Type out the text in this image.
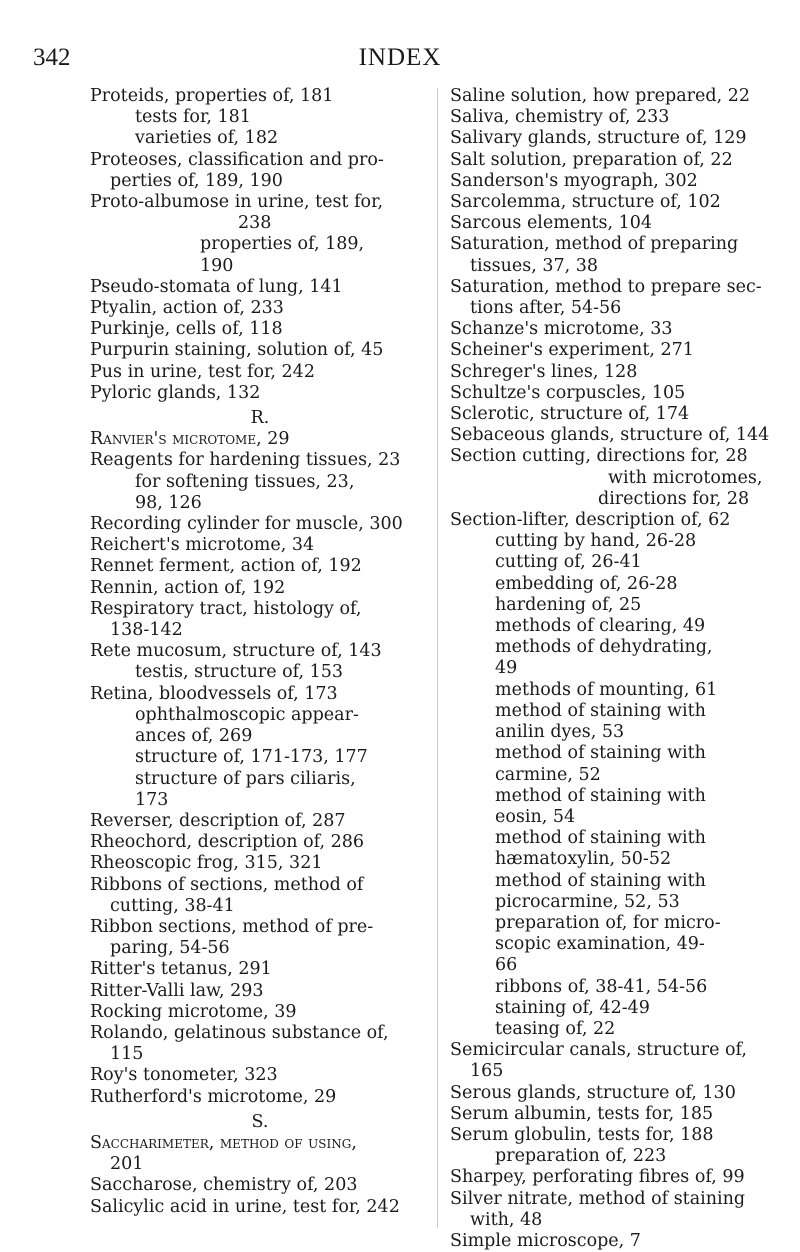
342	INDEX
Proteids, properties of, 181
tests for, 181
varieties of, 182
Proteoses, classification and pro-
perties of, 189, 190
Proto-albumose in urine, test for,
238
properties of, 189,
190
Pseudo-stomata of lung, 141
Ptyalin, action of, 233
Purkinje, cells of, 118
Purpurin staining, solution of, 45
Pus in urine, test for, 242
Pyloric glands, 132
R.
Ranvier's microtome, 29
Reagents for hardening tissues, 23
for softening tissues, 23,
98, 126
Recording cylinder for muscle, 300
Reichert's microtome, 34
Rennet ferment, action of, 192
Rennin, action of, 192
Respiratory tract, histology of,
138-142
Rete mucosum, structure of, 143
testis, structure of, 153
Retina, bloodvessels of, 173
ophthalmoscopic appear-
ances of, 269
structure of, 171-173, 177
structure of pars ciliaris,
173
Reverser, description of, 287
Rheochord, description of, 286
Rheoscopic frog, 315, 321
Ribbons of sections, method of
cutting, 38-41
Ribbon sections, method of pre-
paring, 54-56
Ritter's tetanus, 291
Ritter-Valli law, 293
Rocking microtome, 39
Rolando, gelatinous substance of,
115
Roy's tonometer, 323
Rutherford's microtome, 29
S.
Saccharimeter, method of using,
201
Saccharose, chemistry of, 203
Salicylic acid in urine, test for, 242
Saline solution, how prepared, 22
Saliva, chemistry of, 233
Salivary glands, structure of, 129
Salt solution, preparation of, 22
Sanderson's myograph, 302
Sarcolemma, structure of, 102
Sarcous elements, 104
Saturation, method of preparing
tissues, 37, 38
Saturation, method to prepare sec-
tions after, 54-56
Schanze's microtome, 33
Scheiner's experiment, 271
Schreger's lines, 128
Schultze's corpuscles, 105
Sclerotic, structure of, 174
Sebaceous glands, structure of, 144
Section cutting, directions for, 28
with microtomes,
directions for, 28
Section-lifter, description of, 62
cutting by hand, 26-28
cutting of, 26-41
embedding of, 26-28
hardening of, 25
methods of clearing, 49
methods of dehydrating,
49
methods of mounting, 61
method of staining with
anilin dyes, 53
method of staining with
carmine, 52
method of staining with
eosin, 54
method of staining with
hæmatoxylin, 50-52
method of staining with
picrocarmine, 52, 53
preparation of, for micro-
scopic examination, 49-
66
ribbons of, 38-41, 54-56
staining of, 42-49
teasing of, 22
Semicircular canals, structure of,
165
Serous glands, structure of, 130
Serum albumin, tests for, 185
Serum globulin, tests for, 188
preparation of, 223
Sharpey, perforating fibres of, 99
Silver nitrate, method of staining
with, 48
Simple microscope, 7
